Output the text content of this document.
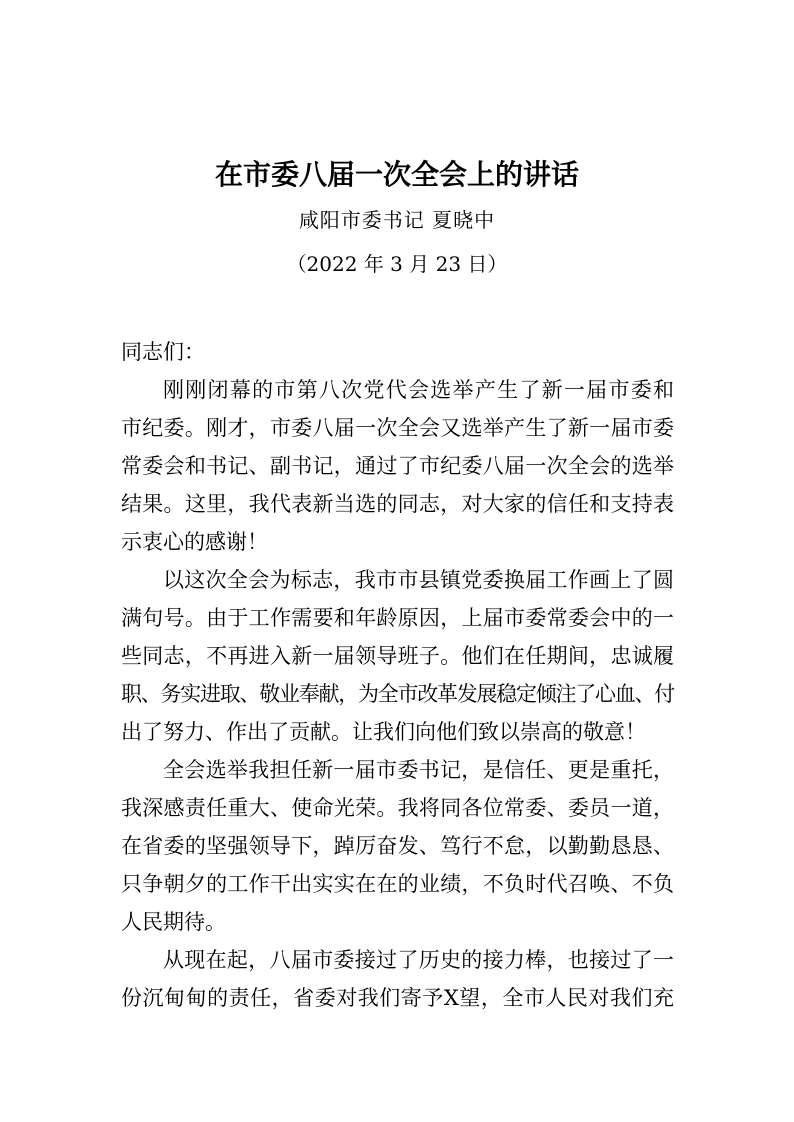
在市委八届一次全会上的讲话
咸阳市委书记 夏晓中
（2022 年 3 月 23 日）
同志们：
刚刚闭幕的市第八次党代会选举产生了新一届市委和
市纪委。刚才，市委八届一次全会又选举产生了新一届市委
常委会和书记、副书记，通过了市纪委八届一次全会的选举
结果。这里，我代表新当选的同志，对大家的信任和支持表
示衷心的感谢！
以这次全会为标志，我市市县镇党委换届工作画上了圆
满句号。由于工作需要和年龄原因，上届市委常委会中的一
些同志，不再进入新一届领导班子。他们在任期间，忠诚履
职、务实进取、敬业奉献，为全市改革发展稳定倾注了心血、付
出了努力、作出了贡献。让我们向他们致以崇高的敬意！
全会选举我担任新一届市委书记，是信任、更是重托，
我深感责任重大、使命光荣。我将同各位常委、委员一道，
在省委的坚强领导下，踔厉奋发、笃行不怠，以勤勤恳恳、
只争朝夕的工作干出实实在在的业绩，不负时代召唤、不负
人民期待。
从现在起，八届市委接过了历史的接力棒，也接过了一
份沉甸甸的责任，省委对我们寄予X望，全市人民对我们充
